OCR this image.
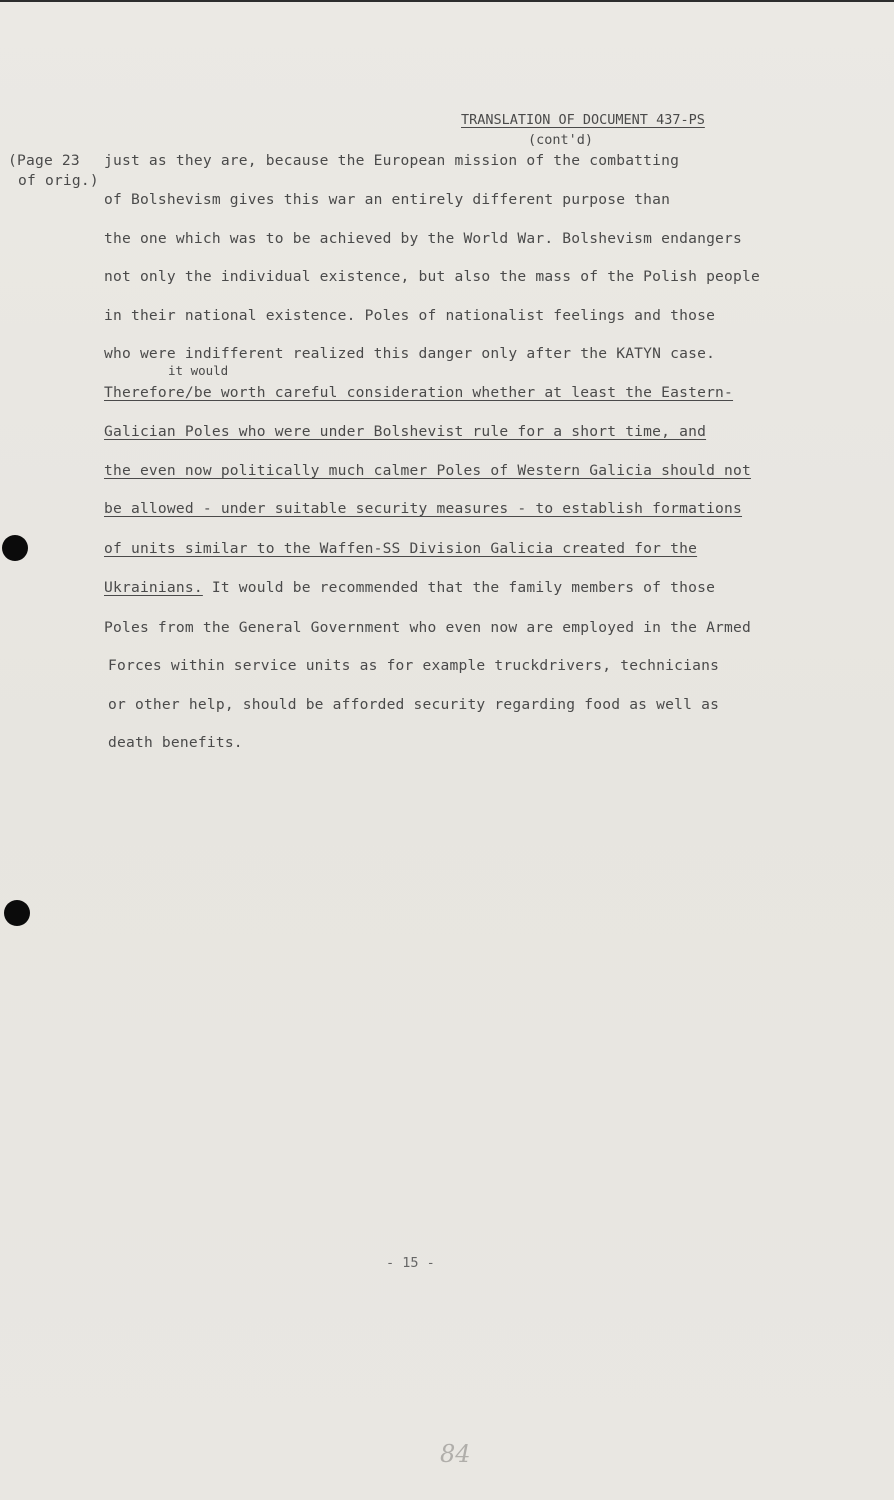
TRANSLATION OF DOCUMENT 437-PS
(cont'd)
(Page 23
of orig.)
just as they are, because the European mission of the combatting
of Bolshevism gives this war an entirely different purpose than
the one which was to be achieved by the World War. Bolshevism endangers
not only the individual existence, but also the mass of the Polish people
in their national existence. Poles of nationalist feelings and those
who were indifferent realized this danger only after the KATYN case.
it would
Therefore/be worth careful consideration whether at least the Eastern-
Galician Poles who were under Bolshevist rule for a short time, and
the even now politically much calmer Poles of Western Galicia should not
be allowed - under suitable security measures - to establish formations
of units similar to the Waffen-SS Division Galicia created for the
Ukrainians. It would be recommended that the family members of those
Poles from the General Government who even now are employed in the Armed
Forces within service units as for example truckdrivers, technicians
or other help, should be afforded security regarding food as well as
death benefits.
- 15 -
84
